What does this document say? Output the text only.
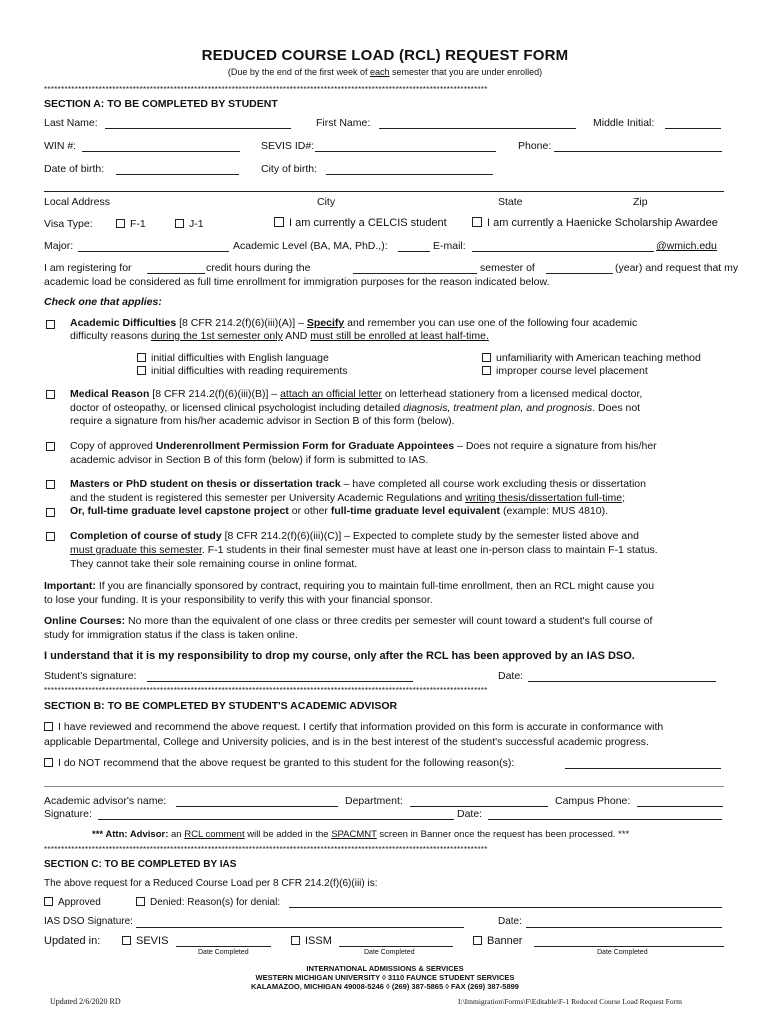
REDUCED COURSE LOAD (RCL) REQUEST FORM
(Due by the end of the first week of each semester that you are under enrolled)
**********************************************************************************************************************************
SECTION A: TO BE COMPLETED BY STUDENT
Last Name:	First Name:	Middle Initial:
WIN #:	SEVIS ID#:	Phone:
Date of birth:	City of birth:
Local Address	City	State	Zip
Visa Type:	F-1	J-1	I am currently a CELCIS student	I am currently a Haenicke Scholarship Awardee
Major:	Academic Level (BA, MA, PhD.,):	E-mail:	@wmich.edu
I am registering for	credit hours during the	semester of	(year) and request that my
academic load be considered as full time enrollment for immigration purposes for the reason indicated below.
Check one that applies:
Academic Difficulties [8 CFR 214.2(f)(6)(iii)(A)] – Specify and remember you can use one of the following four academic
difficulty reasons during the 1st semester only AND must still be enrolled at least half-time.
initial difficulties with English language
initial difficulties with reading requirements
unfamiliarity with American teaching method
improper course level placement
Medical Reason [8 CFR 214.2(f)(6)(iii)(B)] – attach an official letter on letterhead stationery from a licensed medical doctor,
doctor of osteopathy, or licensed clinical psychologist including detailed diagnosis, treatment plan, and prognosis. Does not
require a signature from his/her academic advisor in Section B of this form (below).
Copy of approved Underenrollment Permission Form for Graduate Appointees – Does not require a signature from his/her
academic advisor in Section B of this form (below) if form is submitted to IAS.
Masters or PhD student on thesis or dissertation track – have completed all course work excluding thesis or dissertation
and the student is registered this semester per University Academic Regulations and writing thesis/dissertation full-time;
Or, full-time graduate level capstone project or other full-time graduate level equivalent (example: MUS 4810).
Completion of course of study [8 CFR 214.2(f)(6)(iii)(C)] – Expected to complete study by the semester listed above and
must graduate this semester. F-1 students in their final semester must have at least one in-person class to maintain F-1 status.
They cannot take their sole remaining course in online format.
Important: If you are financially sponsored by contract, requiring you to maintain full-time enrollment, then an RCL might cause you
to lose your funding. It is your responsibility to verify this with your financial sponsor.
Online Courses: No more than the equivalent of one class or three credits per semester will count toward a student's full course of
study for immigration status if the class is taken online.
I understand that it is my responsibility to drop my course, only after the RCL has been approved by an IAS DSO.
Student's signature:	Date:
**********************************************************************************************************************************
SECTION B: TO BE COMPLETED BY STUDENT'S ACADEMIC ADVISOR
I have reviewed and recommend the above request. I certify that information provided on this form is accurate in conformance with
applicable Departmental, College and University policies, and is in the best interest of the student's successful academic progress.
I do NOT recommend that the above request be granted to this student for the following reason(s):
Academic advisor's name:	Department:	Campus Phone:
Signature:	Date:
*** Attn: Advisor: an RCL comment will be added in the SPACMNT screen in Banner once the request has been processed. ***
**********************************************************************************************************************************
SECTION C: TO BE COMPLETED BY IAS
The above request for a Reduced Course Load per 8 CFR 214.2(f)(6)(iii) is:
Approved	Denied: Reason(s) for denial:
IAS DSO Signature:	Date:
Updated in:	SEVIS
Date Completed
ISSM
Date Completed
Banner
Date Completed
INTERNATIONAL ADMISSIONS & SERVICES
WESTERN MICHIGAN UNIVERSITY ◊ 3110 FAUNCE STUDENT SERVICES
KALAMAZOO, MICHIGAN 49008-5246 ◊ (269) 387-5865 ◊ FAX (269) 387-5899
Updated 2/6/2020 RD	I:\Immigration\Forms\F\Editable\F-1 Reduced Course Load Request Form
